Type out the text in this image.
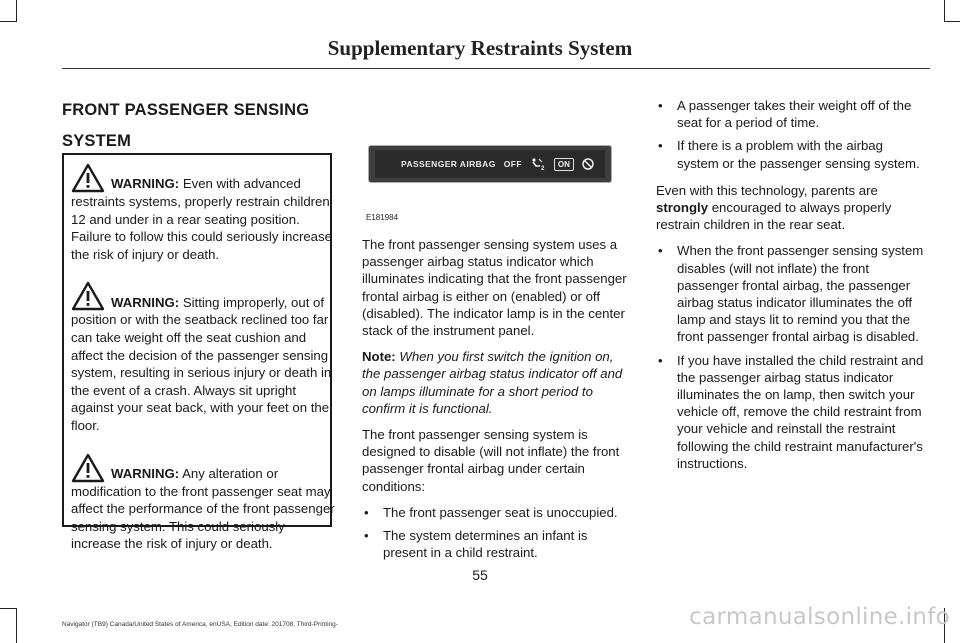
Supplementary Restraints System
FRONT PASSENGER SENSING
SYSTEM
WARNING: Even with advanced
restraints systems, properly restrain children 12 and under in a rear seating position. Failure to follow this could seriously increase the risk of injury or death.
WARNING: Sitting improperly, out of
position or with the seatback reclined too far can take weight off the seat cushion and affect the decision of the passenger sensing system, resulting in serious injury or death in the event of a crash. Always sit upright against your seat back, with your feet on the floor.
WARNING: Any alteration or
modification to the front passenger seat may affect the performance of the front passenger sensing system. This could seriously increase the risk of injury or death.
PASSENGER AIRBAG OFF	2
ON
E181984

The front passenger sensing system uses a passenger airbag status indicator which illuminates indicating that the front passenger frontal airbag is either on (enabled) or off (disabled). The indicator lamp is in the center stack of the instrument panel.

Note: When you first switch the ignition on, the passenger airbag status indicator off and on lamps illuminate for a short period to confirm it is functional.

The front passenger sensing system is designed to disable (will not inflate) the front passenger frontal airbag under certain conditions:

• The front passenger seat is unoccupied.
• The system determines an infant is present in a child restraint.
• A passenger takes their weight off of the seat for a period of time.
• If there is a problem with the airbag system or the passenger sensing system.

Even with this technology, parents are strongly encouraged to always properly restrain children in the rear seat.

• When the front passenger sensing system disables (will not inflate) the front passenger frontal airbag, the passenger airbag status indicator illuminates the off lamp and stays lit to remind you that the front passenger frontal airbag is disabled.
• If you have installed the child restraint and the passenger airbag status indicator illuminates the on lamp, then switch your vehicle off, remove the child restraint from your vehicle and reinstall the restraint following the child restraint manufacturer's instructions.
55
Navigator (TB9) Canada/United States of America, enUSA, Edition date: 201708, Third-Printing-	carmanualsonline.info
